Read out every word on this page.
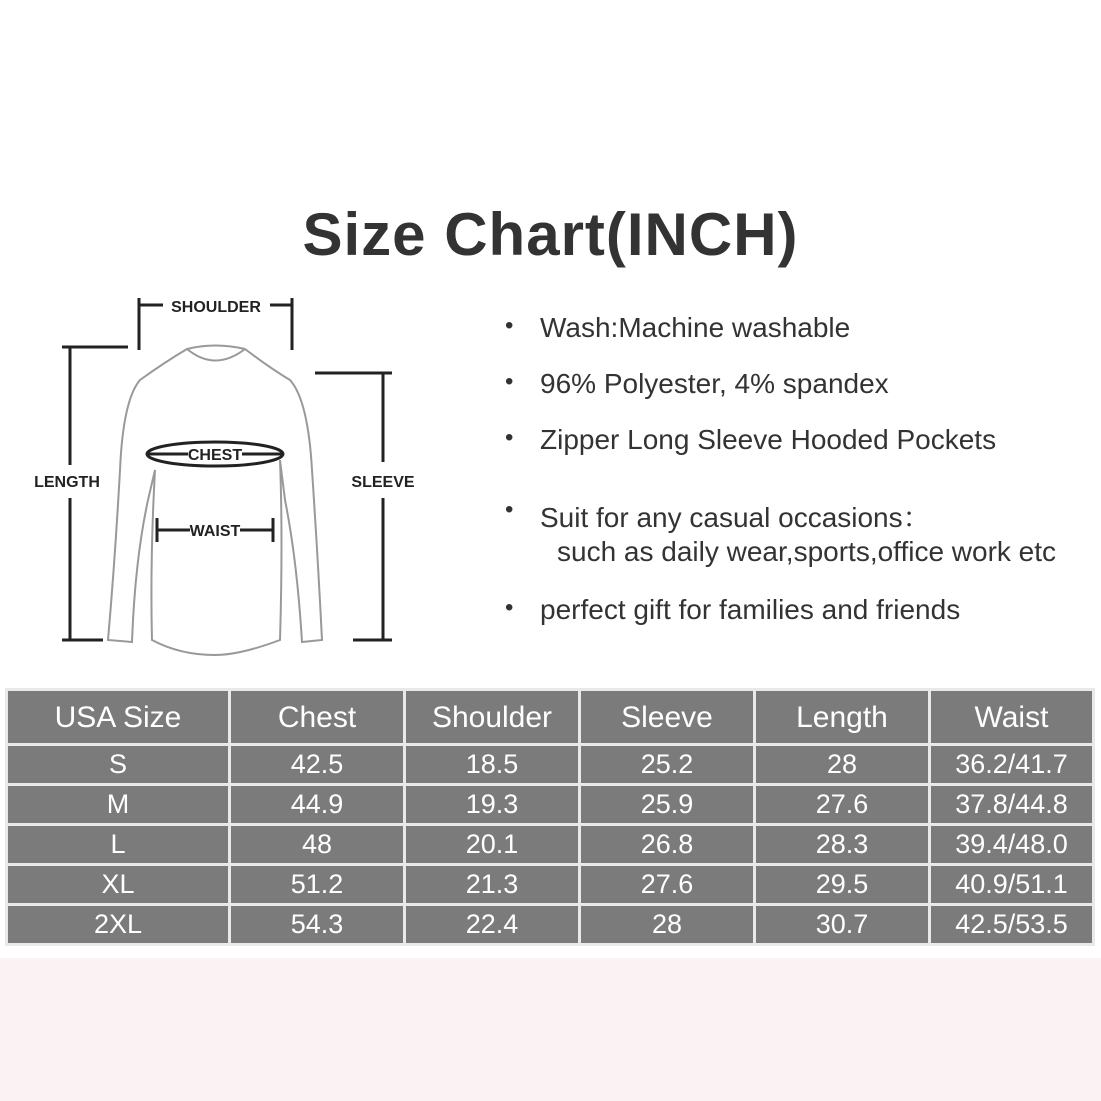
Size Chart(INCH)
SHOULDER
CHEST
WAIST
LENGTH	SLEEVE
• Wash:Machine washable
• 96% Polyester, 4% spandex
• Zipper Long Sleeve Hooded Pockets
• Suit for any casual occasions：
such as daily wear,sports,office work etc
• perfect gift for families and friends
USA Size	Chest	Shoulder	Sleeve	Length	Waist
S	42.5	18.5	25.2	28	36.2/41.7
M	44.9	19.3	25.9	27.6	37.8/44.8
L	48	20.1	26.8	28.3	39.4/48.0
XL	51.2	21.3	27.6	29.5	40.9/51.1
2XL	54.3	22.4	28	30.7	42.5/53.5
